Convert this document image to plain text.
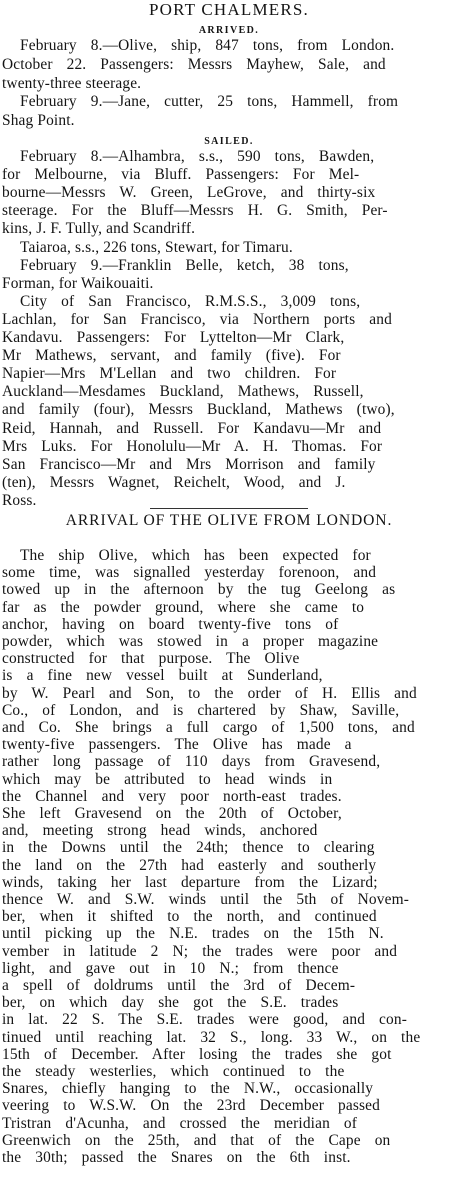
PORT CHALMERS.
ARRIVED.
February 8.—Olive, ship, 847 tons, from London.
October 22. Passengers: Messrs Mayhew, Sale, and
twenty-three steerage.
February 9.—Jane, cutter, 25 tons, Hammell, from
Shag Point.
SAILED.
February 8.—Alhambra, s.s., 590 tons, Bawden,
for Melbourne, via Bluff. Passengers: For Mel-
bourne—Messrs W. Green, LeGrove, and thirty-six
steerage. For the Bluff—Messrs H. G. Smith, Per-
kins, J. F. Tully, and Scandriff.
Taiaroa, s.s., 226 tons, Stewart, for Timaru.
February 9.—Franklin Belle, ketch, 38 tons,
Forman, for Waikouaiti.
City of San Francisco, R.M.S.S., 3,009 tons,
Lachlan, for San Francisco, via Northern ports and
Kandavu. Passengers: For Lyttelton—Mr Clark,
Mr Mathews, servant, and family (five). For
Napier—Mrs M'Lellan and two children. For
Auckland—Mesdames Buckland, Mathews, Russell,
and family (four), Messrs Buckland, Mathews (two),
Reid, Hannah, and Russell. For Kandavu—Mr and
Mrs Luks. For Honolulu—Mr A. H. Thomas. For
San Francisco—Mr and Mrs Morrison and family
(ten), Messrs Wagnet, Reichelt, Wood, and J.
Ross.
ARRIVAL OF THE OLIVE FROM LONDON.
The ship Olive, which has been expected for
some time, was signalled yesterday forenoon, and
towed up in the afternoon by the tug Geelong as
far as the powder ground, where she came to
anchor, having on board twenty-five tons of
powder, which was stowed in a proper magazine
constructed for that purpose. The Olive
is a fine new vessel built at Sunderland,
by W. Pearl and Son, to the order of H. Ellis and
Co., of London, and is chartered by Shaw, Saville,
and Co. She brings a full cargo of 1,500 tons, and
twenty-five passengers. The Olive has made a
rather long passage of 110 days from Gravesend,
which may be attributed to head winds in
the Channel and very poor north-east trades.
She left Gravesend on the 20th of October,
and, meeting strong head winds, anchored
in the Downs until the 24th; thence to clearing
the land on the 27th had easterly and southerly
winds, taking her last departure from the Lizard;
thence W. and S.W. winds until the 5th of Novem-
ber, when it shifted to the north, and continued
until picking up the N.E. trades on the 15th N.
vember in latitude 2 N; the trades were poor and
light, and gave out in 10 N.; from thence
a spell of doldrums until the 3rd of Decem-
ber, on which day she got the S.E. trades
in lat. 22 S. The S.E. trades were good, and con-
tinued until reaching lat. 32 S., long. 33 W., on the
15th of December. After losing the trades she got
the steady westerlies, which continued to the
Snares, chiefly hanging to the N.W., occasionally
veering to W.S.W. On the 23rd December passed
Tristran d'Acunha, and crossed the meridian of
Greenwich on the 25th, and that of the Cape on
the 30th; passed the Snares on the 6th inst.
